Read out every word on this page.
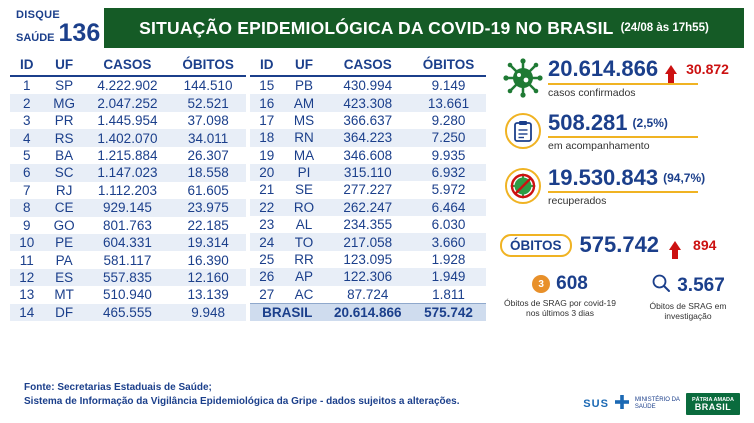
DISQUE
SAÚDE 136 SITUAÇÃO EPIDEMIOLÓGICA DA COVID-19 NO BRASIL (24/08 às 17h55)
ID	UF	CASOS	ÓBITOS
1	SP	4.222.902	144.510
2	MG	2.047.252	52.521
3	PR	1.445.954	37.098
4	RS	1.402.070	34.011
5	BA	1.215.884	26.307
6	SC	1.147.023	18.558
7	RJ	1.112.203	61.605
8	CE	929.145	23.975
9	GO	801.763	22.185
10	PE	604.331	19.314
11	PA	581.117	16.390
12	ES	557.835	12.160
13	MT	510.940	13.139
14	DF	465.555	9.948
ID	UF	CASOS	ÓBITOS
15	PB	430.994	9.149
16	AM	423.308	13.661
17	MS	366.637	9.280
18	RN	364.223	7.250
19	MA	346.608	9.935
20	PI	315.110	6.932
21	SE	277.227	5.972
22	RO	262.247	6.464
23	AL	234.355	6.030
24	TO	217.058	3.660
25	RR	123.095	1.928
26	AP	122.306	1.949
27	AC	87.724	1.811
BRASIL		20.614.866	575.742
20.614.866 30.872
casos confirmados
508.281 (2,5%)
em acompanhamento
19.530.843 (94,7%)
recuperados
ÓBITOS 575.742 894
3 608
Óbitos de SRAG por covid-19 nos últimos 3 dias
3.567
Óbitos de SRAG em investigação
Fonte: Secretarias Estaduais de Saúde;
Sistema de Informação da Vigilância Epidemiológica da Gripe - dados sujeitos a alterações.	SUS	MINISTÉRIO DA
SAÚDE
PÁTRIA AMADA
BRASIL
